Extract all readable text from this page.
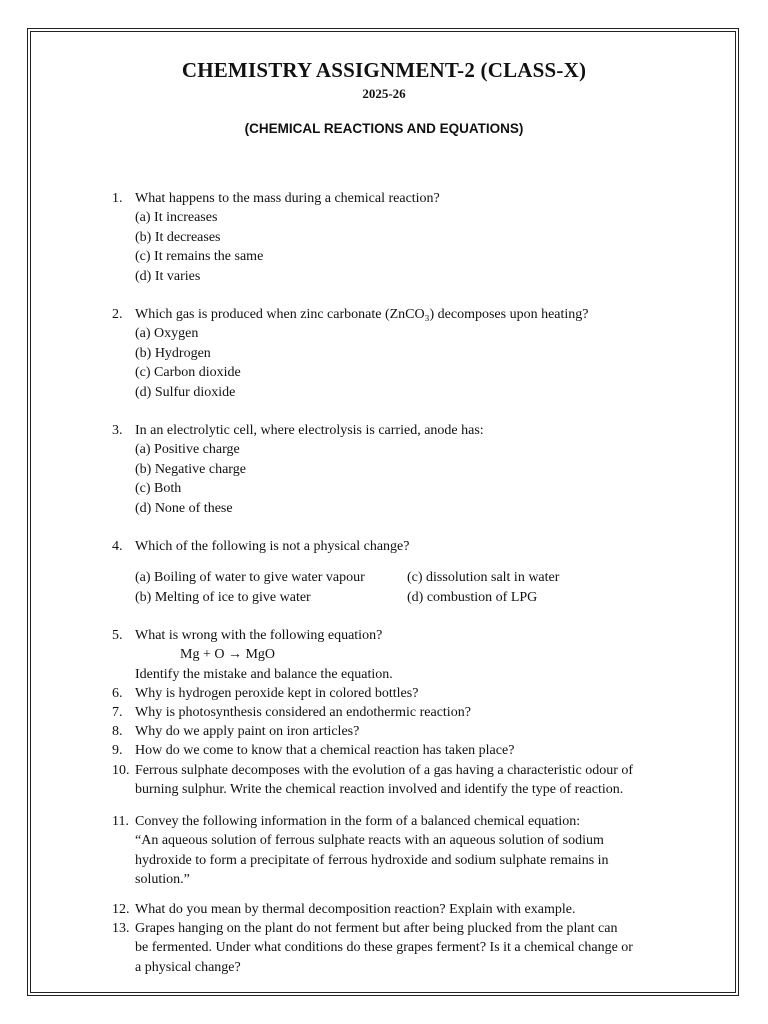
CHEMISTRY ASSIGNMENT-2 (CLASS-X)
2025-26
(CHEMICAL REACTIONS AND EQUATIONS)
1. What happens to the mass during a chemical reaction?
(a) It increases
(b) It decreases
(c) It remains the same
(d) It varies
2. Which gas is produced when zinc carbonate (ZnCO₃) decomposes upon heating?
(a) Oxygen
(b) Hydrogen
(c) Carbon dioxide
(d) Sulfur dioxide
3. In an electrolytic cell, where electrolysis is carried, anode has:
(a) Positive charge
(b) Negative charge
(c) Both
(d) None of these
4. Which of the following is not a physical change?
(a) Boiling of water to give water vapour	(c) dissolution salt in water
(b) Melting of ice to give water	(d) combustion of LPG
5. What is wrong with the following equation?
Mg + O → MgO
Identify the mistake and balance the equation.
6. Why is hydrogen peroxide kept in colored bottles?
7. Why is photosynthesis considered an endothermic reaction?
8. Why do we apply paint on iron articles?
9. How do we come to know that a chemical reaction has taken place?
10. Ferrous sulphate decomposes with the evolution of a gas having a characteristic odour of
burning sulphur. Write the chemical reaction involved and identify the type of reaction.
11. Convey the following information in the form of a balanced chemical equation:
“An aqueous solution of ferrous sulphate reacts with an aqueous solution of sodium
hydroxide to form a precipitate of ferrous hydroxide and sodium sulphate remains in
solution.”
12. What do you mean by thermal decomposition reaction? Explain with example.
13. Grapes hanging on the plant do not ferment but after being plucked from the plant can
be fermented. Under what conditions do these grapes ferment? Is it a chemical change or
a physical change?
